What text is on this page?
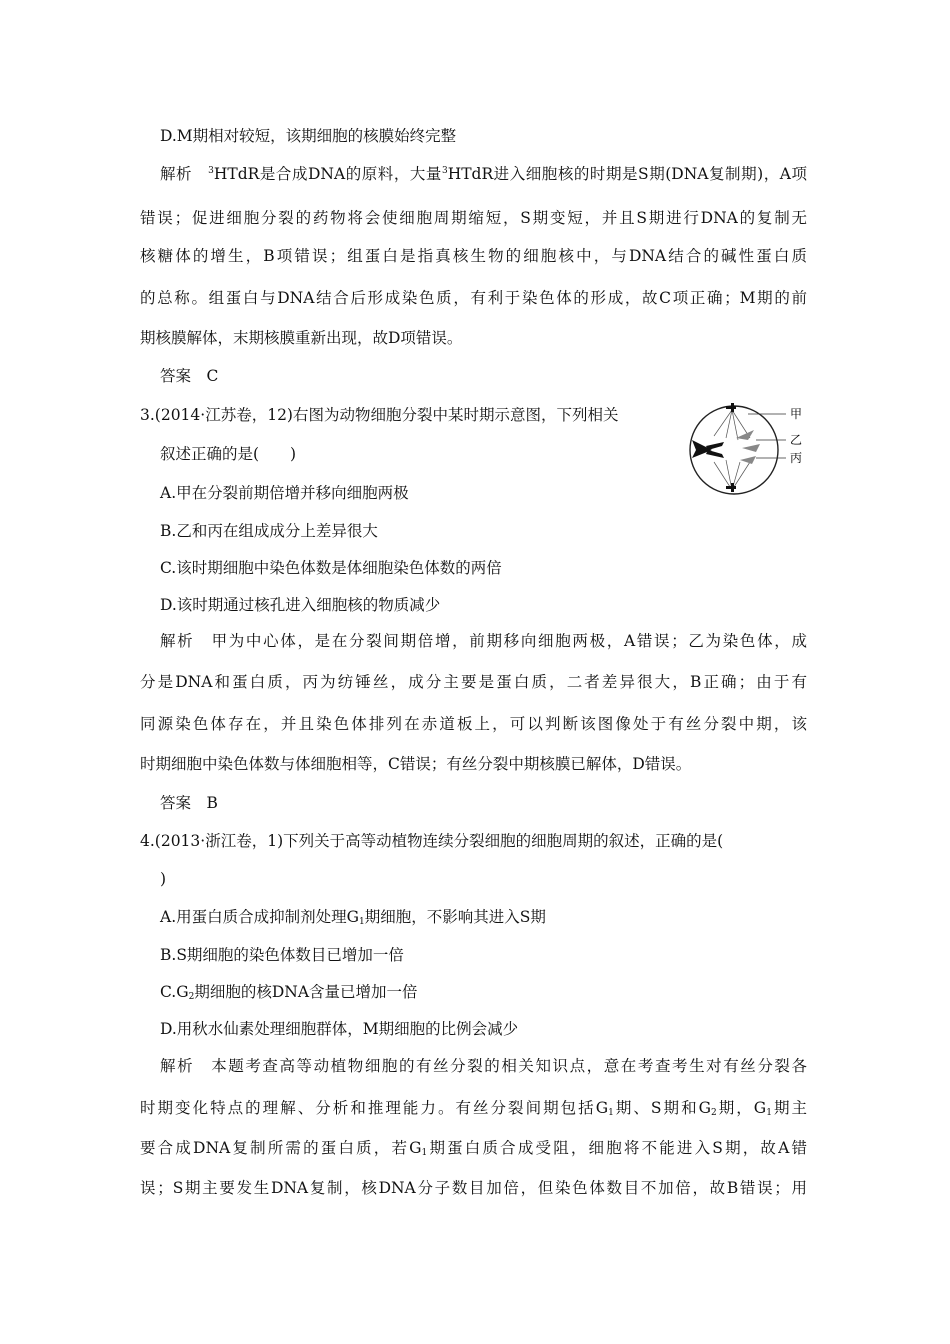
D.M期相对较短，该期细胞的核膜始终完整
解析　 $^3$HTdR是合成DNA的原料，大量$^3$HTdR进入细胞核的时期是S期(DNA复制期)，A项
错误；促进细胞分裂的药物将会使细胞周期缩短，S期变短，并且S期进行DNA的复制无
核糖体的增生，B项错误；组蛋白是指真核生物的细胞核中，与DNA结合的碱性蛋白质
的总称。组蛋白与DNA结合后形成染色质，有利于染色体的形成，故C项正确；M期的前
期核膜解体，末期核膜重新出现，故D项错误。
答案　C
3.(2014·江苏卷，12)右图为动物细胞分裂中某时期示意图，下列相关
叙述正确的是(　　)
甲
乙
丙
A.甲在分裂前期倍增并移向细胞两极
B.乙和丙在组成成分上差异很大
C.该时期细胞中染色体数是体细胞染色体数的两倍
D.该时期通过核孔进入细胞核的物质减少
解析　 甲为中心体，是在分裂间期倍增，前期移向细胞两极，A错误；乙为染色体，成
分是DNA和蛋白质，丙为纺锤丝，成分主要是蛋白质，二者差异很大，B正确；由于有
同源染色体存在，并且染色体排列在赤道板上，可以判断该图像处于有丝分裂中期，该
时期细胞中染色体数与体细胞相等，C错误；有丝分裂中期核膜已解体，D错误。
答案　B
4.(2013·浙江卷，1)下列关于高等动植物连续分裂细胞的细胞周期的叙述，正确的是(
)
A.用蛋白质合成抑制剂处理$G_1$期细胞，不影响其进入S期
B.S期细胞的染色体数目已增加一倍
$C.G_2$期细胞的核DNA含量已增加一倍
D.用秋水仙素处理细胞群体，M期细胞的比例会减少
解析　 本题考查高等动植物细胞的有丝分裂的相关知识点，意在考查考生对有丝分裂各
时期变化特点的理解、分析和推理能力。有丝分裂间期包括$G_1$期、S期和$G_2$期，$G_1$期主
要合成DNA复制所需的蛋白质，若$G_1$期蛋白质合成受阻，细胞将不能进入S期，故A错
误；S期主要发生DNA复制，核DNA分子数目加倍，但染色体数目不加倍，故B错误；用
